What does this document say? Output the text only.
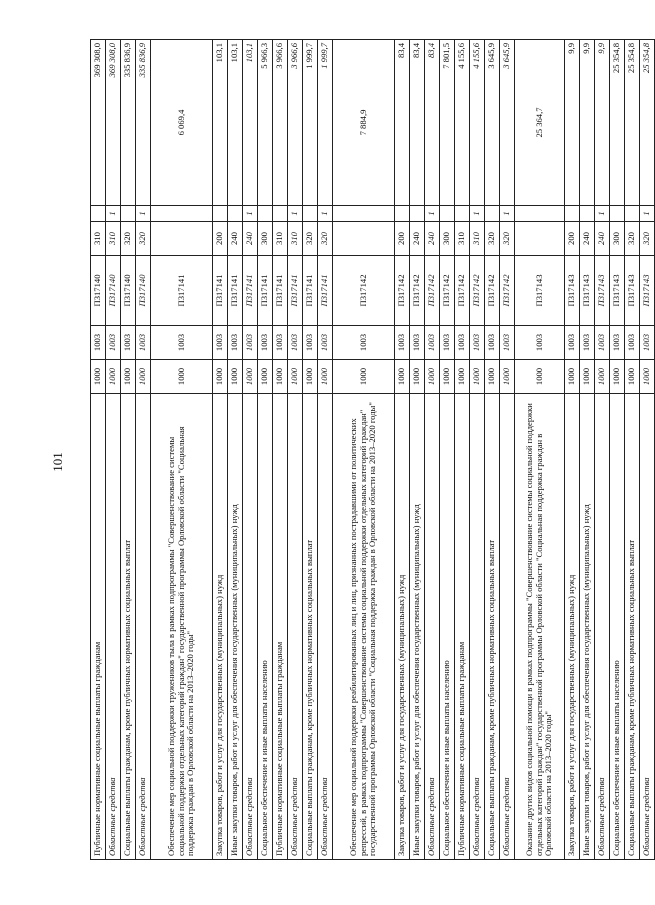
101
Публичные нормативные социальные выплаты гражданам	1000	1003	П317140	310		369 308,0
Областные средства	1000	1003	П317140	310	1	369 308,0
Социальные выплаты гражданам, кроме публичных нормативных социальных выплат	1000	1003	П317140	320		335 836,9
Областные средства	1000	1003	П317140	320	1	335 836,9
Обеспечение мер социальной поддержки тружеников тыла в рамках подпрограммы "Совершенствование системы социальной поддержки отдельных категорий граждан" государственной программы Орловской области "Социальная поддержка граждан в Орловской области на 2013–2020 годы"	1000	1003	П317141			6 069,4
Закупка товаров, работ и услуг для государственных (муниципальных) нужд	1000	1003	П317141	200		103,1
Иные закупки товаров, работ и услуг для обеспечения государственных (муниципальных) нужд	1000	1003	П317141	240		103,1
Областные средства	1000	1003	П317141	240	1	103,1
Социальное обеспечение и иные выплаты населению	1000	1003	П317141	300		5 966,3
Публичные нормативные социальные выплаты гражданам	1000	1003	П317141	310		3 966,6
Областные средства	1000	1003	П317141	310	1	3 966,6
Социальные выплаты гражданам, кроме публичных нормативных социальных выплат	1000	1003	П317141	320		1 999,7
Областные средства	1000	1003	П317141	320	1	1 999,7
Обеспечение мер социальной поддержки реабилитированных лиц и лиц, признанных пострадавшими от политических репрессий, в рамках подпрограммы "Совершенствование системы социальной поддержки отдельных категорий граждан" государственной программы Орловской области "Социальная поддержка граждан в Орловской области на 2013–2020 годы"	1000	1003	П317142			7 884,9
Закупка товаров, работ и услуг для государственных (муниципальных) нужд	1000	1003	П317142	200		83,4
Иные закупки товаров, работ и услуг для обеспечения государственных (муниципальных) нужд	1000	1003	П317142	240		83,4
Областные средства	1000	1003	П317142	240	1	83,4
Социальное обеспечение и иные выплаты населению	1000	1003	П317142	300		7 801,5
Публичные нормативные социальные выплаты гражданам	1000	1003	П317142	310		4 155,6
Областные средства	1000	1003	П317142	310	1	4 155,6
Социальные выплаты гражданам, кроме публичных нормативных социальных выплат	1000	1003	П317142	320		3 645,9
Областные средства	1000	1003	П317142	320	1	3 645,9
Оказание других видов социальной помощи в рамках подпрограммы "Совершенствование системы социальной поддержки отдельных категорий граждан" государственной программы Орловской области "Социальная поддержка граждан в Орловской области на 2013–2020 годы"	1000	1003	П317143			25 364,7
Закупка товаров, работ и услуг для государственных (муниципальных) нужд	1000	1003	П317143	200		9,9
Иные закупки товаров, работ и услуг для обеспечения государственных (муниципальных) нужд	1000	1003	П317143	240		9,9
Областные средства	1000	1003	П317143	240	1	9,9
Социальное обеспечение и иные выплаты населению	1000	1003	П317143	300		25 354,8
Социальные выплаты гражданам, кроме публичных нормативных социальных выплат	1000	1003	П317143	320		25 354,8
Областные средства	1000	1003	П317143	320	1	25 354,8
